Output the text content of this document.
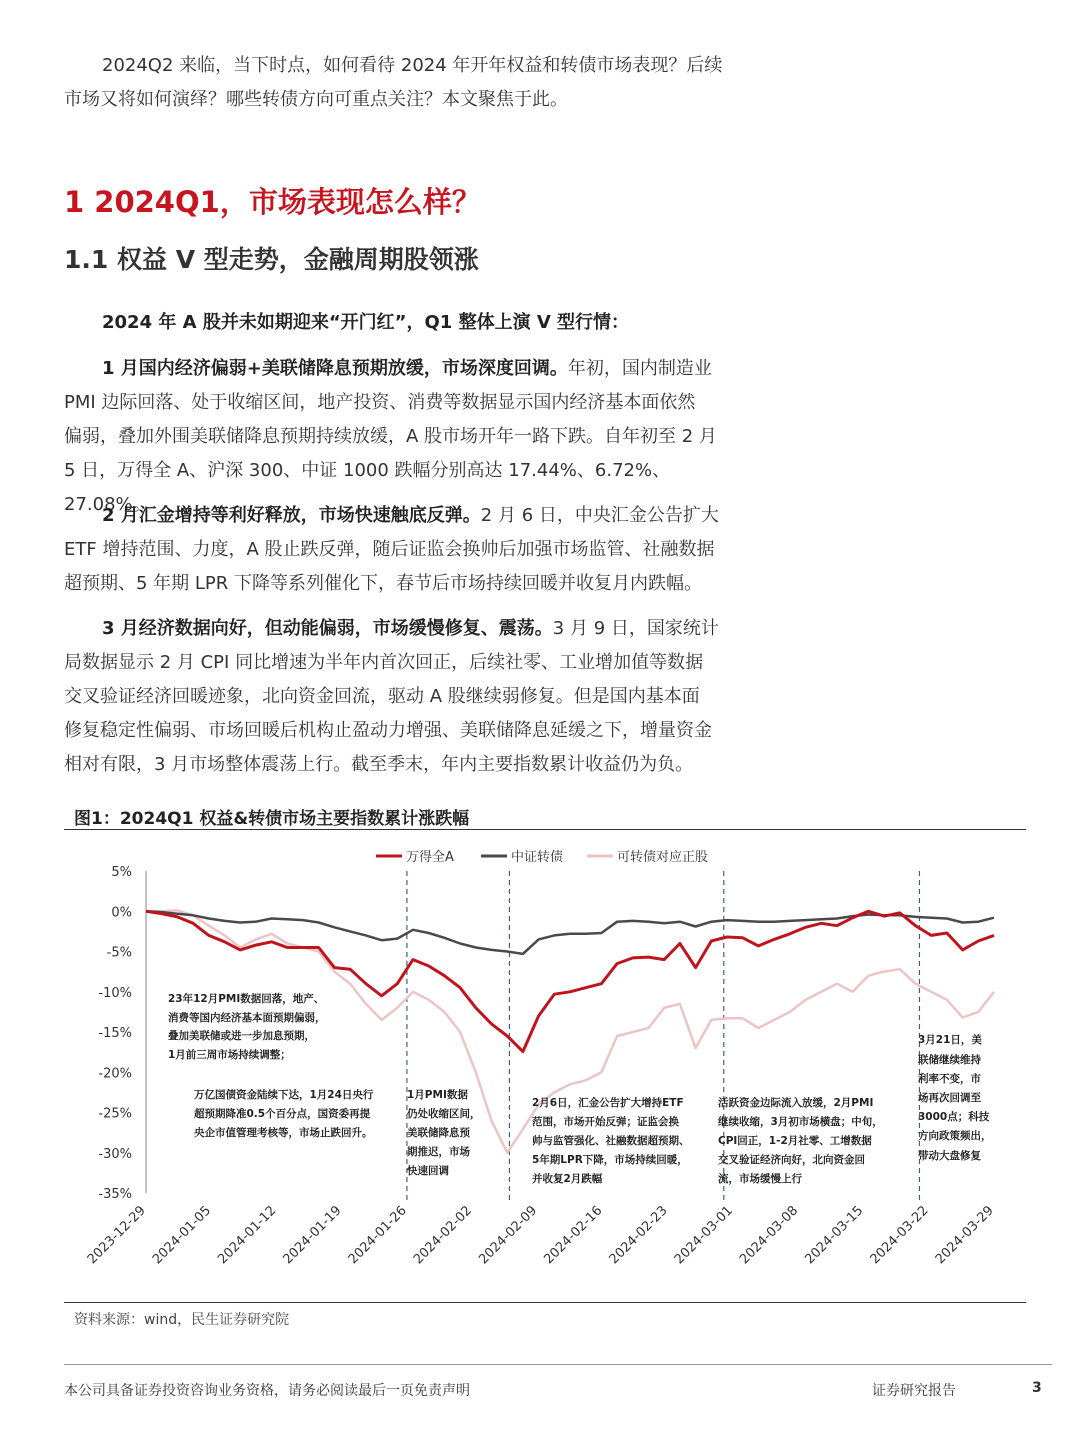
2024Q2 来临，当下时点，如何看待 2024 年开年权益和转债市场表现？后续
市场又将如何演绎？哪些转债方向可重点关注？本文聚焦于此。

1 2024Q1，市场表现怎么样？
1.1 权益 V 型走势，金融周期股领涨

2024 年 A 股并未如期迎来“开门红”，Q1 整体上演 V 型行情：

1 月国内经济偏弱+美联储降息预期放缓，市场深度回调。年初，国内制造业
PMI 边际回落、处于收缩区间，地产投资、消费等数据显示国内经济基本面依然
偏弱，叠加外围美联储降息预期持续放缓，A 股市场开年一路下跌。自年初至 2 月
5 日，万得全 A、沪深 300、中证 1000 跌幅分别高达 17.44%、6.72%、27.08%。

2 月汇金增持等利好释放，市场快速触底反弹。2 月 6 日，中央汇金公告扩大
ETF 增持范围、力度，A 股止跌反弹，随后证监会换帅后加强市场监管、社融数据
超预期、5 年期 LPR 下降等系列催化下，春节后市场持续回暖并收复月内跌幅。

3 月经济数据向好，但动能偏弱，市场缓慢修复、震荡。3 月 9 日，国家统计
局数据显示 2 月 CPI 同比增速为半年内首次回正，后续社零、工业增加值等数据
交叉验证经济回暖迹象，北向资金回流，驱动 A 股继续弱修复。但是国内基本面
修复稳定性偏弱、市场回暖后机构止盈动力增强、美联储降息延缓之下，增量资金
相对有限，3 月市场整体震荡上行。截至季末，年内主要指数累计收益仍为负。

图1：2024Q1 权益&转债市场主要指数累计涨跌幅
万得全A	中证转债	可转债对应正股
5%
0%
-5%
-10%
-15%
-20%
-25%
-30%
-35%
2023-12-29 2024-01-05 2024-01-12 2024-01-19 2024-01-26 2024-02-02 2024-02-09 2024-02-16 2024-02-23 2024-03-01 2024-03-08 2024-03-15 2024-03-22 2024-03-29
23年12月PMI数据回落，地产、
消费等国内经济基本面预期偏弱，
叠加美联储或进一步加息预期，
1月前三周市场持续调整；
万亿国债资金陆续下达，1月24日央行
超预期降准0.5个百分点，国资委再提
央企市值管理考核等，市场止跌回升。
1月PMI数据
仍处收缩区间，
美联储降息预
期推迟，市场
快速回调
2月6日，汇金公告扩大增持ETF
范围，市场开始反弹；证监会换
帅与监管强化、社融数据超预期、
5年期LPR下降，市场持续回暖，
并收复2月跌幅
活跃资金边际流入放缓，2月PMI
继续收缩，3月初市场横盘；中旬，
CPI回正，1-2月社零、工增数据
交叉验证经济向好，北向资金回
流，市场缓慢上行
3月21日，美
联储继续维持
利率不变，市
场再次回调至
3000点；科技
方向政策频出，
带动大盘修复
资料来源：wind，民生证券研究院
本公司具备证券投资咨询业务资格，请务必阅读最后一页免责声明	证券研究报告	3
